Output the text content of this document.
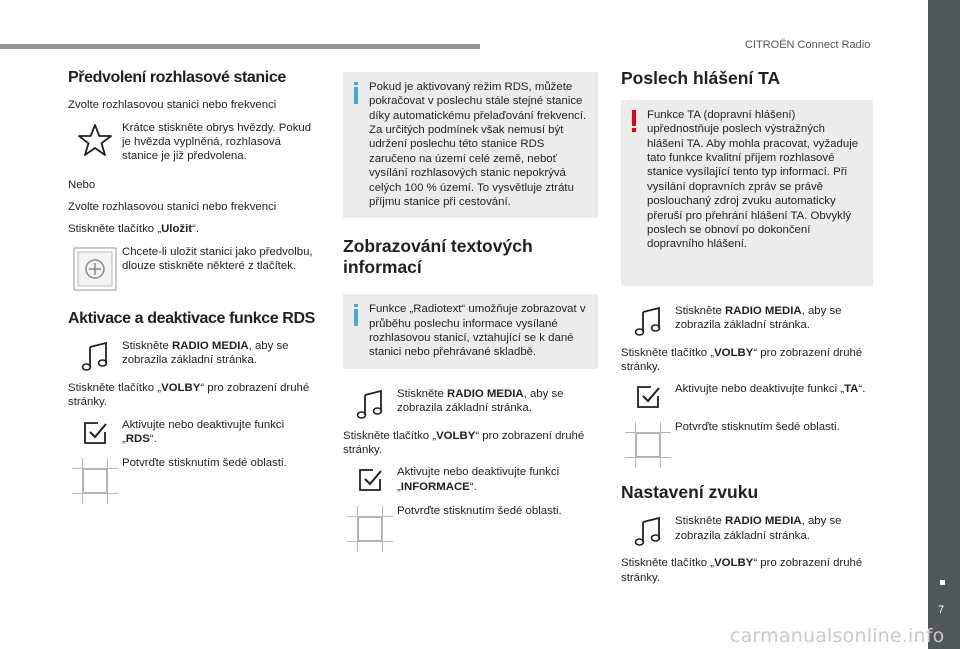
CITROËN Connect Radio
7
carmanualsonline.info
Předvolení rozhlasové stanice

Zvolte rozhlasovou stanici nebo frekvenci

Krátce stiskněte obrys hvězdy. Pokud je hvězda vyplněná, rozhlasová stanice je již předvolena.

Nebo

Zvolte rozhlasovou stanici nebo frekvenci

Stiskněte tlačítko „Uložit“.

Chcete-li uložit stanici jako předvolbu, dlouze stiskněte některé z tlačítek.
Aktivace a deaktivace funkce RDS
Stiskněte RADIO MEDIA, aby se zobrazila základní stránka.

Stiskněte tlačítko „VOLBY“ pro zobrazení druhé stránky.

Aktivujte nebo deaktivujte funkci „RDS“.
Potvrďte stisknutím šedé oblasti.
Pokud je aktivovaný režim RDS, můžete pokračovat v poslechu stále stejné stanice díky automatickému přelaďování frekvencí. Za určitých podmínek však nemusí být udržení poslechu této stanice RDS zaručeno na území celé země, neboť vysílání rozhlasových stanic nepokrývá celých 100 % území. To vysvětluje ztrátu příjmu stanice při cestování.
Zobrazování textových informací
Funkce „Radiotext“ umožňuje zobrazovat v průběhu poslechu informace vysílané rozhlasovou stanicí, vztahující se k dané stanici nebo přehrávané skladbě.
Stiskněte RADIO MEDIA, aby se zobrazila základní stránka.

Stiskněte tlačítko „VOLBY“ pro zobrazení druhé stránky.

Aktivujte nebo deaktivujte funkci „INFORMACE“.
Potvrďte stisknutím šedé oblasti.
Poslech hlášení TA
Funkce TA (dopravní hlášení) upřednostňuje poslech výstražných hlášení TA. Aby mohla pracovat, vyžaduje tato funkce kvalitní příjem rozhlasové stanice vysílající tento typ informací. Při vysílání dopravních zpráv se právě poslouchaný zdroj zvuku automaticky přeruší pro přehrání hlášení TA. Obvyklý poslech se obnoví po dokončení dopravního hlášení.
Stiskněte RADIO MEDIA, aby se zobrazila základní stránka.

Stiskněte tlačítko „VOLBY“ pro zobrazení druhé stránky.

Aktivujte nebo deaktivujte funkci „TA“.
Potvrďte stisknutím šedé oblasti.
Nastavení zvuku
Stiskněte RADIO MEDIA, aby se zobrazila základní stránka.

Stiskněte tlačítko „VOLBY“ pro zobrazení druhé stránky.
